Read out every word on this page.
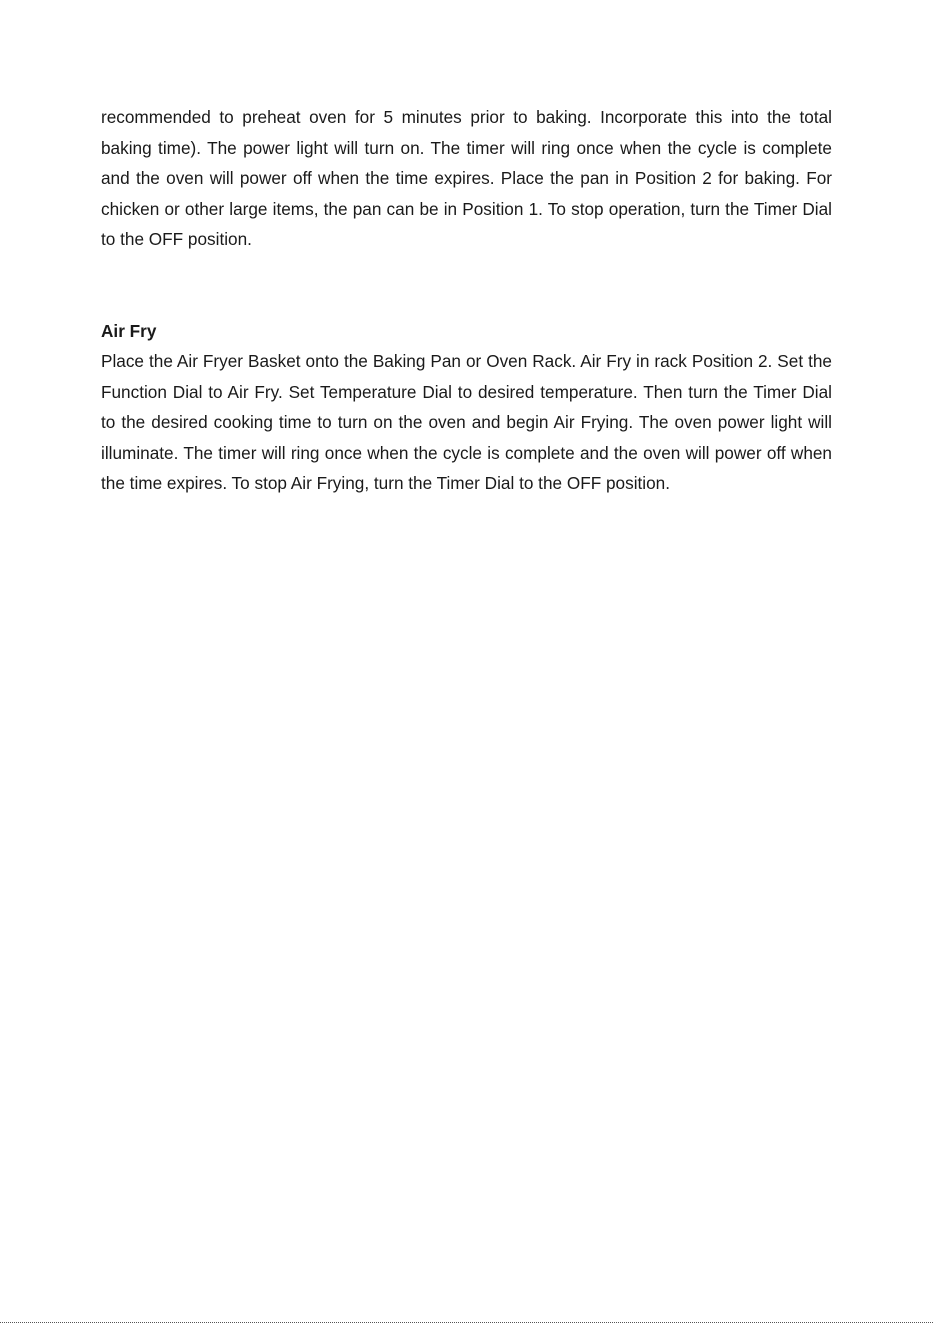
recommended to preheat oven for 5 minutes prior to baking. Incorporate this into the total baking time). The power light will turn on. The timer will ring once when the cycle is complete and the oven will power off when the time expires. Place the pan in Position 2 for baking. For chicken or other large items, the pan can be in Position 1. To stop operation, turn the Timer Dial to the OFF position.

Air Fry

Place the Air Fryer Basket onto the Baking Pan or Oven Rack. Air Fry in rack Position 2. Set the Function Dial to Air Fry. Set Temperature Dial to desired temperature. Then turn the Timer Dial to the desired cooking time to turn on the oven and begin Air Frying. The oven power light will illuminate. The timer will ring once when the cycle is complete and the oven will power off when the time expires. To stop Air Frying, turn the Timer Dial to the OFF position.
